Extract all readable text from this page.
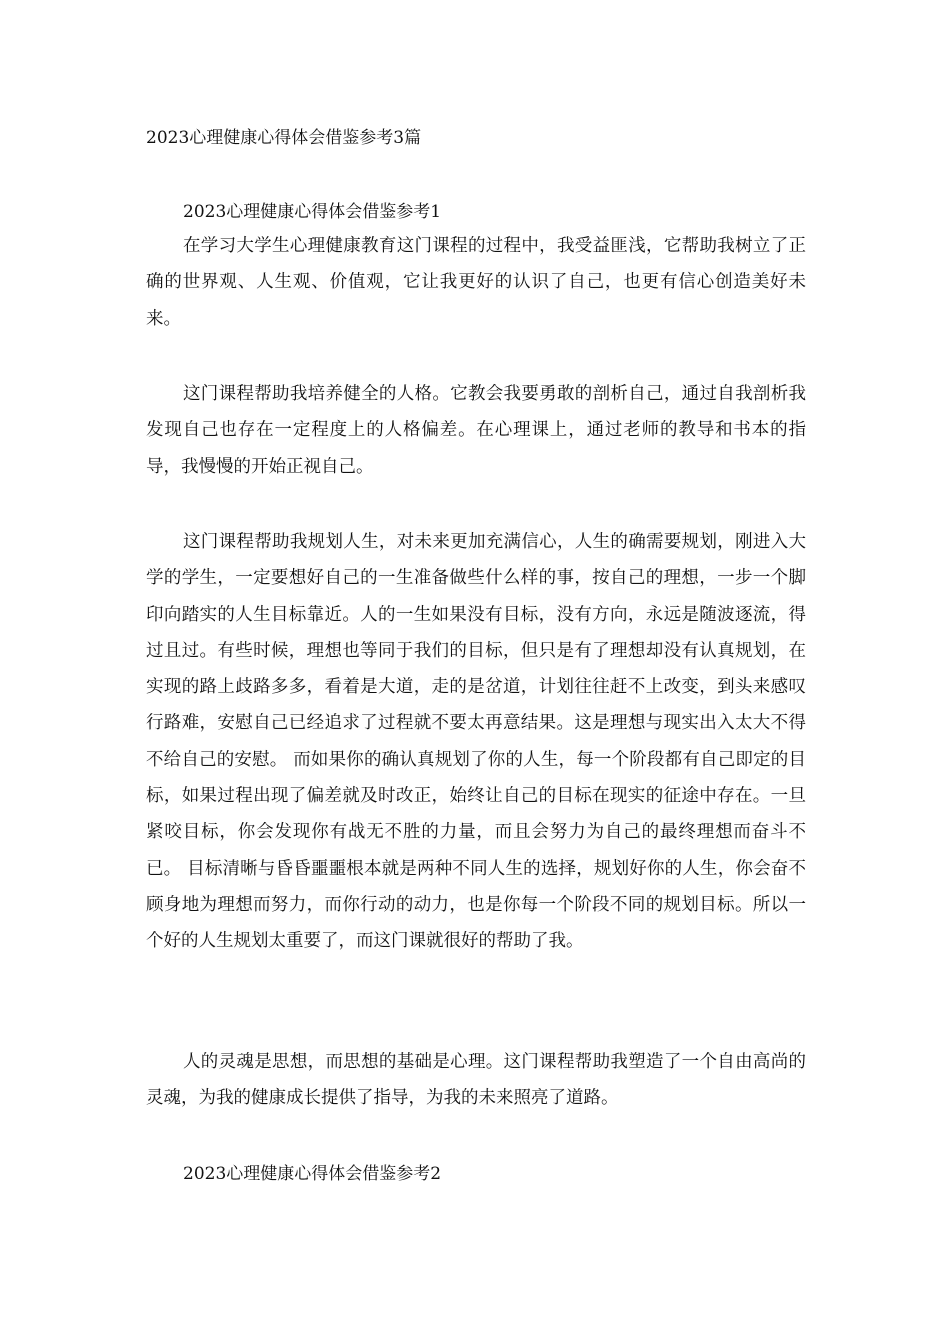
2023心理健康心得体会借鉴参考3篇
2023心理健康心得体会借鉴参考1

在学习大学生心理健康教育这门课程的过程中，我受益匪浅，它帮助我树立了正确的世界观、人生观、价值观，它让我更好的认识了自己，也更有信心创造美好未来。

这门课程帮助我培养健全的人格。它教会我要勇敢的剖析自己，通过自我剖析我发现自己也存在一定程度上的人格偏差。在心理课上，通过老师的教导和书本的指导，我慢慢的开始正视自己。

这门课程帮助我规划人生，对未来更加充满信心，人生的确需要规划，刚进入大学的学生，一定要想好自己的一生准备做些什么样的事，按自己的理想，一步一个脚印向踏实的人生目标靠近。人的一生如果没有目标，没有方向，永远是随波逐流，得过且过。有些时候，理想也等同于我们的目标，但只是有了理想却没有认真规划，在实现的路上歧路多多，看着是大道，走的是岔道，计划往往赶不上改变，到头来感叹行路难，安慰自己已经追求了过程就不要太再意结果。这是理想与现实出入太大不得不给自己的安慰。 而如果你的确认真规划了你的人生，每一个阶段都有自己即定的目标，如果过程出现了偏差就及时改正，始终让自己的目标在现实的征途中存在。一旦紧咬目标，你会发现你有战无不胜的力量，而且会努力为自己的最终理想而奋斗不已。 目标清晰与昏昏噩噩根本就是两种不同人生的选择，规划好你的人生，你会奋不顾身地为理想而努力，而你行动的动力，也是你每一个阶段不同的规划目标。所以一个好的人生规划太重要了，而这门课就很好的帮助了我。

人的灵魂是思想，而思想的基础是心理。这门课程帮助我塑造了一个自由高尚的灵魂，为我的健康成长提供了指导，为我的未来照亮了道路。

2023心理健康心得体会借鉴参考2
